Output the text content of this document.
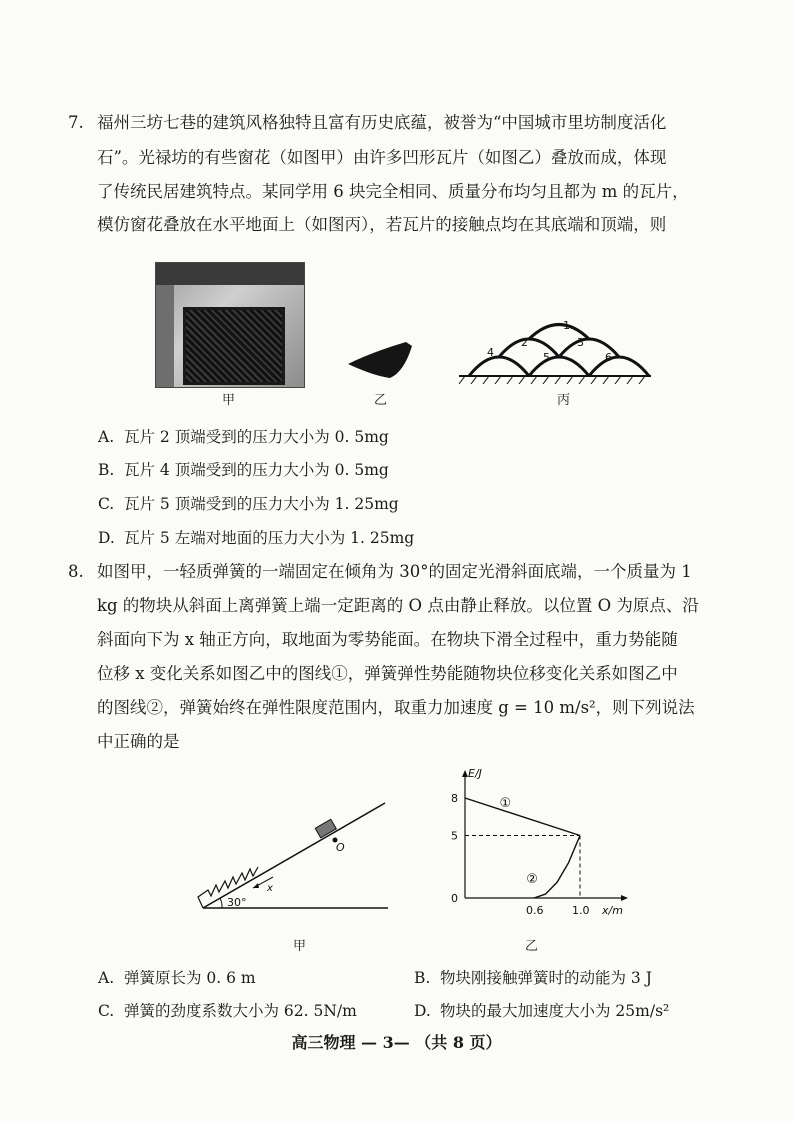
7. 福州三坊七巷的建筑风格独特且富有历史底蕴，被誉为“中国城市里坊制度活化
石”。光禄坊的有些窗花（如图甲）由许多凹形瓦片（如图乙）叠放而成，体现
了传统民居建筑特点。某同学用 6 块完全相同、质量分布均匀且都为 m 的瓦片，
模仿窗花叠放在水平地面上（如图丙），若瓦片的接触点均在其底端和顶端，则
甲	乙
1
2	3
4	5	6
丙
A. 瓦片 2 顶端受到的压力大小为 0. 5mg
B. 瓦片 4 顶端受到的压力大小为 0. 5mg
C. 瓦片 5 顶端受到的压力大小为 1. 25mg
D. 瓦片 5 左端对地面的压力大小为 1. 25mg
8. 如图甲，一轻质弹簧的一端固定在倾角为 30°的固定光滑斜面底端，一个质量为 1
kg 的物块从斜面上离弹簧上端一定距离的 O 点由静止释放。以位置 O 为原点、沿
斜面向下为 x 轴正方向，取地面为零势能面。在物块下滑全过程中，重力势能随
位移 x 变化关系如图乙中的图线①，弹簧弹性势能随物块位移变化关系如图乙中
的图线②，弹簧始终在弹性限度范围内，取重力加速度 g = 10 m/s²，则下列说法
中正确的是
O
x
30°
甲
E/J
x/m
0
8
5
0.6	1.0
①
②
乙
A. 弹簧原长为 0. 6 m	B. 物块刚接触弹簧时的动能为 3 J
C. 弹簧的劲度系数大小为 62. 5N/m	D. 物块的最大加速度大小为 25m/s²
高三物理 — 3— （共 8 页）
